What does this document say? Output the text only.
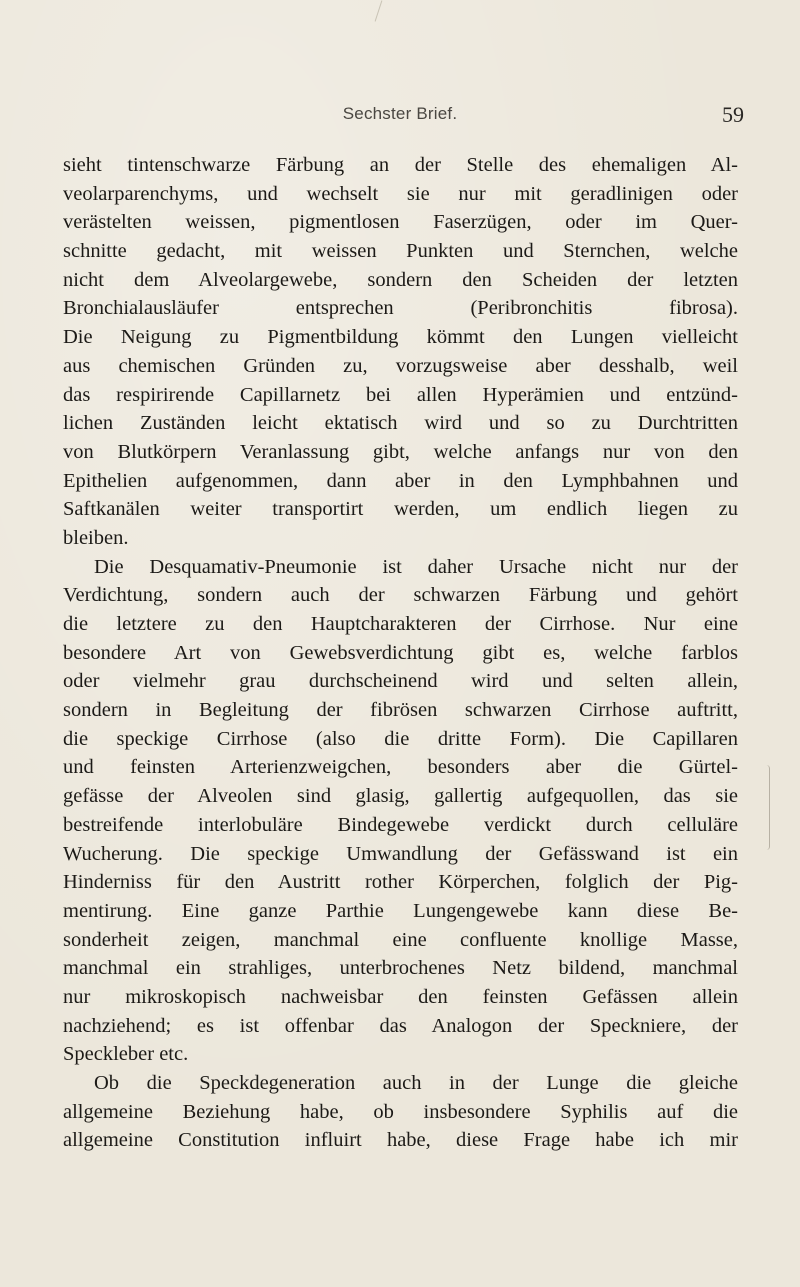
Sechster Brief.	59
sieht tintenschwarze Färbung an der Stelle des ehemaligen Al-
veolarparenchyms, und wechselt sie nur mit geradlinigen oder
verästelten weissen, pigmentlosen Faserzügen, oder im Quer-
schnitte gedacht, mit weissen Punkten und Sternchen, welche
nicht dem Alveolargewebe, sondern den Scheiden der letzten
Bronchialausläufer entsprechen (Peribronchitis fibrosa).
Die Neigung zu Pigmentbildung kömmt den Lungen vielleicht
aus chemischen Gründen zu, vorzugsweise aber desshalb, weil
das respirirende Capillarnetz bei allen Hyperämien und entzünd-
lichen Zuständen leicht ektatisch wird und so zu Durchtritten
von Blutkörpern Veranlassung gibt, welche anfangs nur von den
Epithelien aufgenommen, dann aber in den Lymphbahnen und
Saftkanälen weiter transportirt werden, um endlich liegen zu
bleiben.
Die Desquamativ-Pneumonie ist daher Ursache nicht nur der
Verdichtung, sondern auch der schwarzen Färbung und gehört
die letztere zu den Hauptcharakteren der Cirrhose. Nur eine
besondere Art von Gewebsverdichtung gibt es, welche farblos
oder vielmehr grau durchscheinend wird und selten allein,
sondern in Begleitung der fibrösen schwarzen Cirrhose auftritt,
die speckige Cirrhose (also die dritte Form). Die Capillaren
und feinsten Arterienzweigchen, besonders aber die Gürtel-
gefässe der Alveolen sind glasig, gallertig aufgequollen, das sie
bestreifende interlobuläre Bindegewebe verdickt durch celluläre
Wucherung. Die speckige Umwandlung der Gefässwand ist ein
Hinderniss für den Austritt rother Körperchen, folglich der Pig-
mentirung. Eine ganze Parthie Lungengewebe kann diese Be-
sonderheit zeigen, manchmal eine confluente knollige Masse,
manchmal ein strahliges, unterbrochenes Netz bildend, manchmal
nur mikroskopisch nachweisbar den feinsten Gefässen allein
nachziehend; es ist offenbar das Analogon der Speckniere, der
Speckleber etc.
Ob die Speckdegeneration auch in der Lunge die gleiche
allgemeine Beziehung habe, ob insbesondere Syphilis auf die
allgemeine Constitution influirt habe, diese Frage habe ich mir
